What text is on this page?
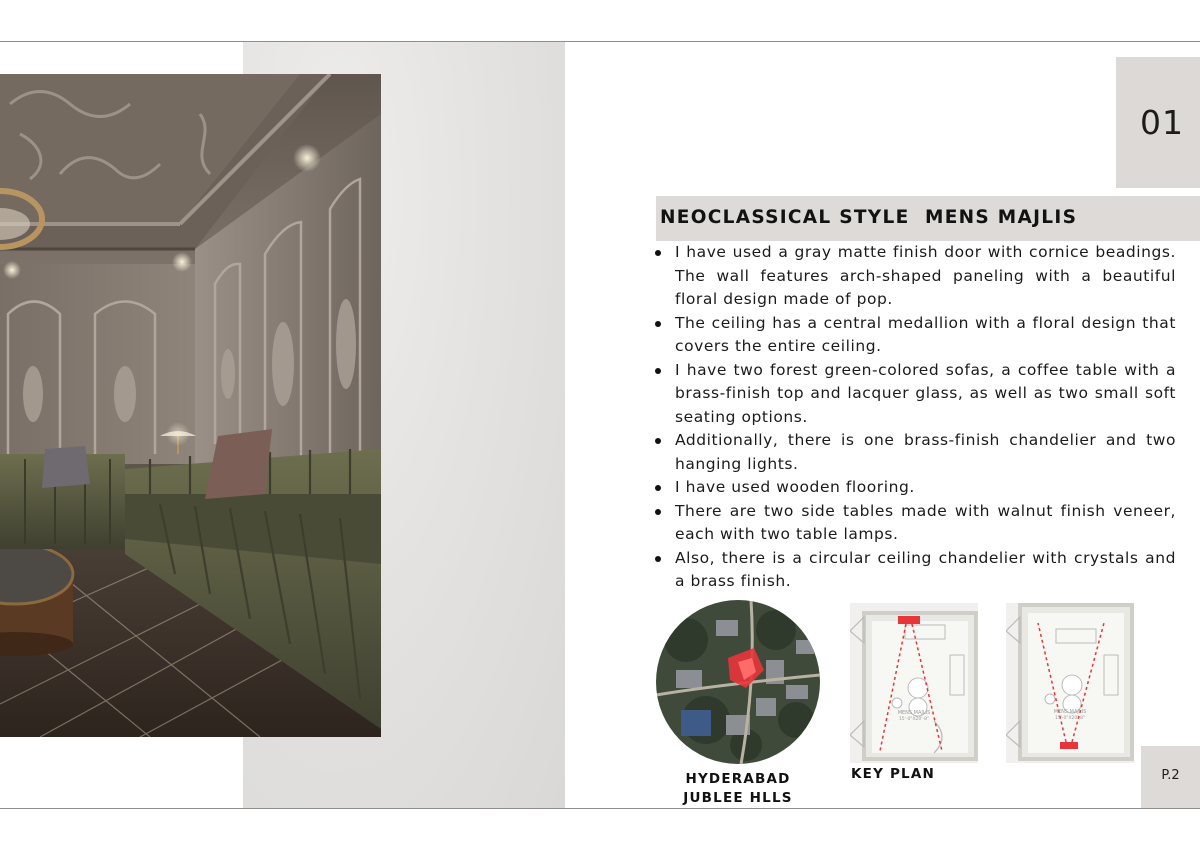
01
NEOCLASSICAL STYLE  MENS MAJLIS
I have used a gray matte finish door with cornice beadings. The wall features arch-shaped paneling with a beautiful floral design made of pop.
The ceiling has a central medallion with a floral design that covers the entire ceiling.
I have two forest green-colored sofas, a coffee table with a brass-finish top and lacquer glass, as well as two small soft seating options.
Additionally, there is one brass-finish chandelier and two hanging lights.
I have used wooden flooring.
There are two side tables made with walnut finish veneer, each with two table lamps.
Also, there is a circular ceiling chandelier with crystals and a brass finish.
HYDERABAD JUBLEE HLLS
MENS MAJLIS
15'-0"X20'-8"
MENS MAJLIS
15'-0"X20'-8"
KEY PLAN	P.2
